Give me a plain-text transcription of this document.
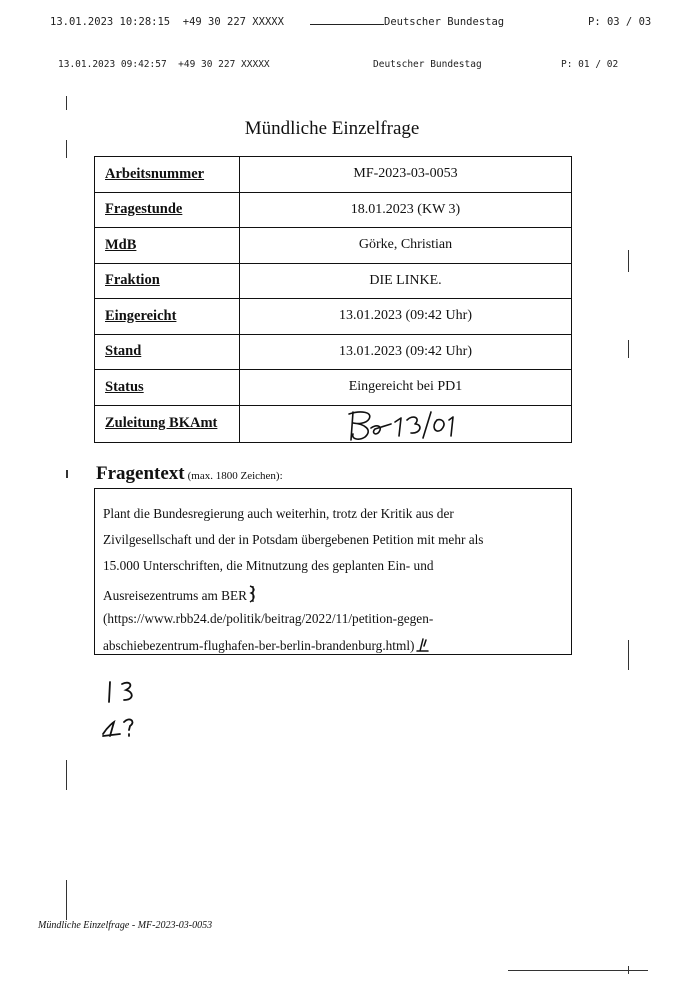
13.01.2023 10:28:15 +49 30 227 XXXXX	Deutscher Bundestag	P: 03 / 03
13.01.2023 09:42:57 +49 30 227 XXXXX	Deutscher Bundestag	P: 01 / 02
Mündliche Einzelfrage
Arbeitsnummer	MF-2023-03-0053
Fragestunde	18.01.2023 (KW 3)
MdB	Görke, Christian
Fraktion	DIE LINKE.
Eingereicht	13.01.2023 (09:42 Uhr)
Stand	13.01.2023 (09:42 Uhr)
Status	Eingereicht bei PD1
Zuleitung BKAmt	
Fragentext (max. 1800 Zeichen):
Plant die Bundesregierung auch weiterhin, trotz der Kritik aus der
Zivilgesellschaft und der in Potsdam übergebenen Petition mit mehr als
15.000 Unterschriften, die Mitnutzung des geplanten Ein- und
Ausreisezentrums am BER
(https://www.rbb24.de/politik/beitrag/2022/11/petition-gegen-
abschiebezentrum-flughafen-ber-berlin-brandenburg.html)
Mündliche Einzelfrage - MF-2023-03-0053
